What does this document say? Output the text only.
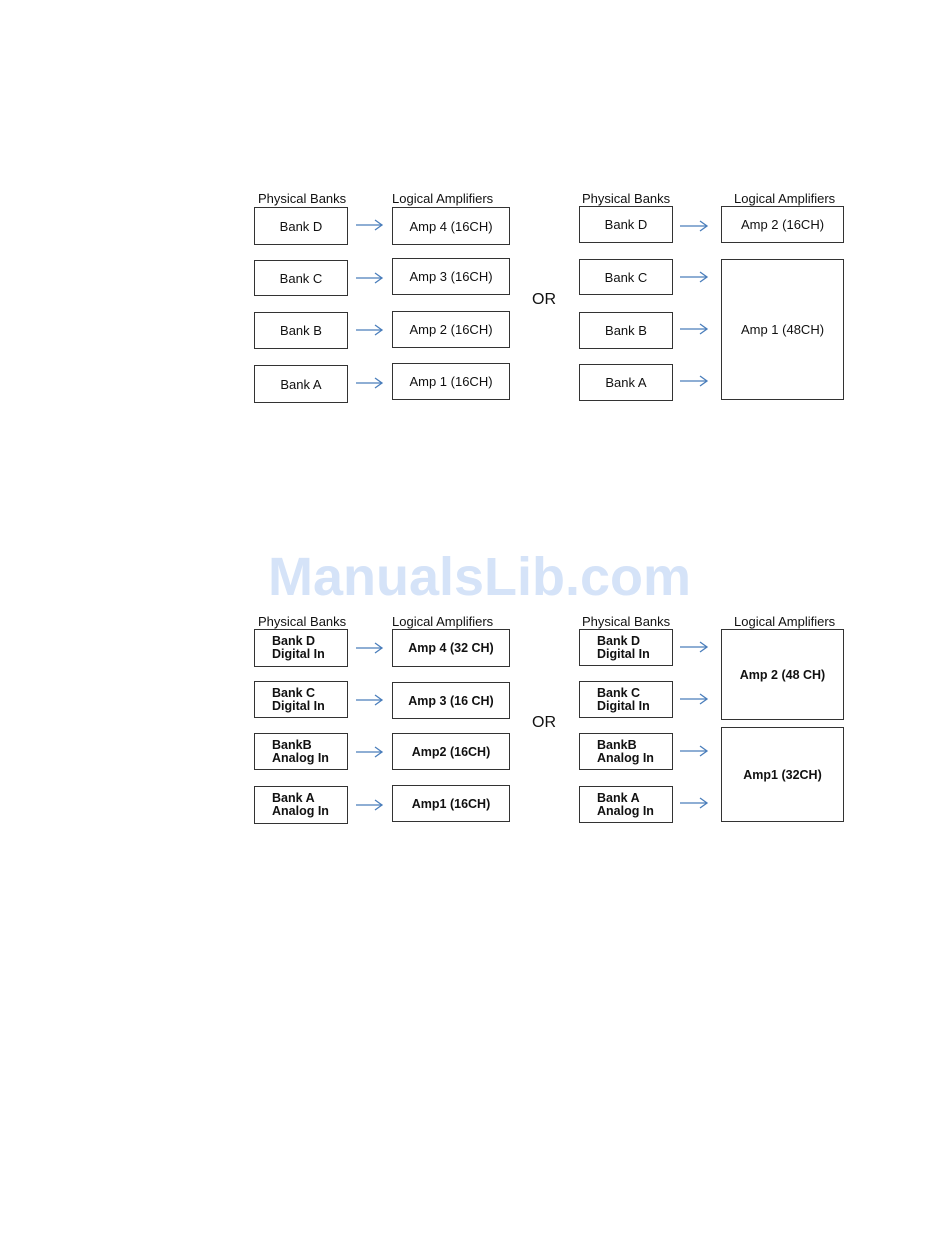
Physical Banks	Logical Amplifiers
Bank D
Bank C
Bank B
Bank A
Amp 4 (16CH)
Amp 3 (16CH)
Amp 2 (16CH)
Amp 1 (16CH)
OR
Physical Banks	Logical Amplifiers
Bank D
Bank C
Bank B
Bank A
Amp 2 (16CH)
Amp 1 (48CH)
ManualsLib.com
Physical Banks	Logical Amplifiers
Bank D
Digital In
Bank C
Digital In
BankB
Analog In
Bank A
Analog In
Amp 4 (32 CH)
Amp 3 (16 CH)
Amp2 (16CH)
Amp1 (16CH)
OR
Physical Banks	Logical Amplifiers
Bank D
Digital In
Bank C
Digital In
BankB
Analog In
Bank A
Analog In
Amp 2 (48 CH)
Amp1 (32CH)
